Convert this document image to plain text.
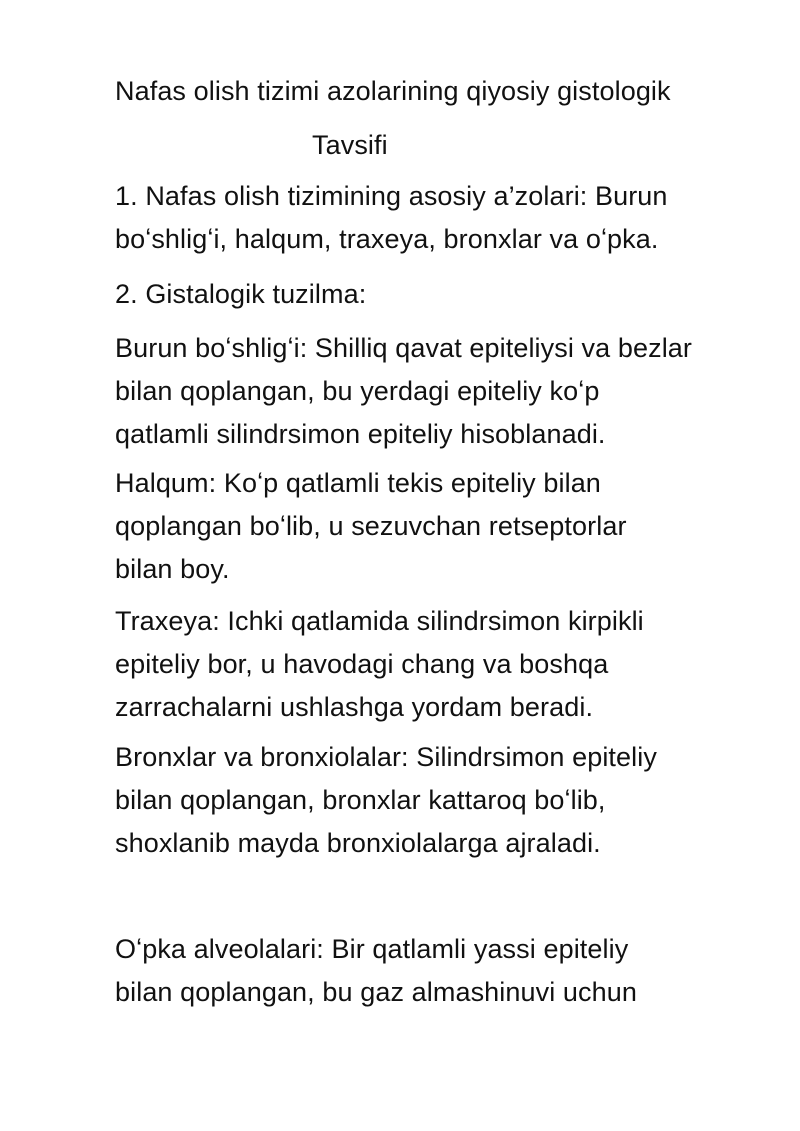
Nafas olish tizimi azolarining qiyosiy gistologik
Tavsifi
1. Nafas olish tizimining asosiy a’zolari: Burun
boʻshligʻi, halqum, traxeya, bronxlar va oʻpka.
2. Gistalogik tuzilma:
Burun boʻshligʻi: Shilliq qavat epiteliysi va bezlar
bilan qoplangan, bu yerdagi epiteliy koʻp
qatlamli silindrsimon epiteliy hisoblanadi.
Halqum: Koʻp qatlamli tekis epiteliy bilan
qoplangan boʻlib, u sezuvchan retseptorlar
bilan boy.
Traxeya: Ichki qatlamida silindrsimon kirpikli
epiteliy bor, u havodagi chang va boshqa
zarrachalarni ushlashga yordam beradi.
Bronxlar va bronxiolalar: Silindrsimon epiteliy
bilan qoplangan, bronxlar kattaroq boʻlib,
shoxlanib mayda bronxiolalarga ajraladi.
Oʻpka alveolalari: Bir qatlamli yassi epiteliy
bilan qoplangan, bu gaz almashinuvi uchun
